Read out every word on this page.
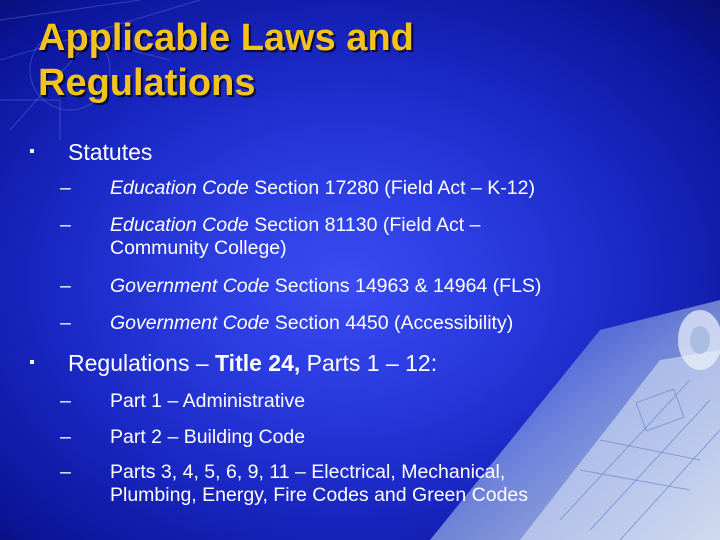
Applicable Laws and
Regulations
Statutes
– Education Code Section 17280 (Field Act – K-12)
– Education Code Section 81130 (Field Act –
Community College)
– Government Code Sections 14963 & 14964 (FLS)
– Government Code Section 4450 (Accessibility)
Regulations – Title 24, Parts 1 – 12:
– Part 1 – Administrative
– Part 2 – Building Code
– Parts 3, 4, 5, 6, 9, 11 – Electrical, Mechanical,
Plumbing, Energy, Fire Codes and Green Codes
